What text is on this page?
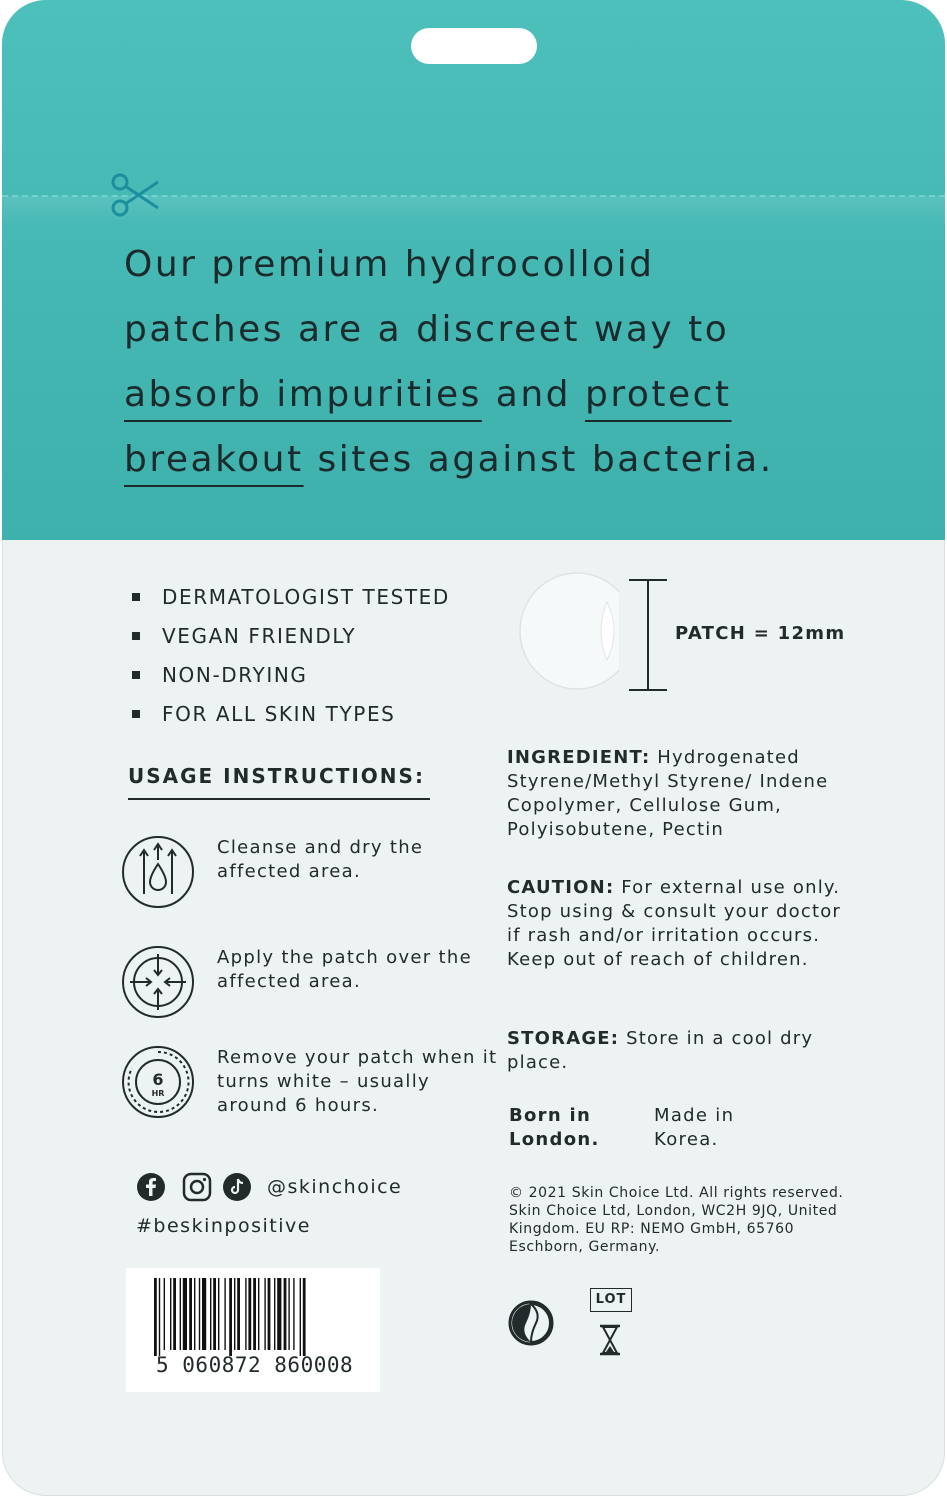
Our premium hydrocolloid
patches are a discreet way to
absorb impurities and protect
breakout sites against bacteria.

DERMATOLOGIST TESTED
VEGAN FRIENDLY
NON-DRYING
FOR ALL SKIN TYPES
PATCH = 12mm
USAGE INSTRUCTIONS:
Cleanse and dry the affected area.
Apply the patch over the affected area.
6
HR
Remove your patch when it turns white – usually around 6 hours.
@skinchoice
#beskinpositive
5 060872 860008
INGREDIENT: Hydrogenated Styrene/Methyl Styrene/ Indene Copolymer, Cellulose Gum, Polyisobutene, Pectin
CAUTION: For external use only. Stop using & consult your doctor if rash and/or irritation occurs. Keep out of reach of children.
STORAGE: Store in a cool dry place.
Born in London.
Made in Korea.
© 2021 Skin Choice Ltd. All rights reserved. Skin Choice Ltd, London, WC2H 9JQ, United Kingdom. EU RP: NEMO GmbH, 65760 Eschborn, Germany.
LOT
